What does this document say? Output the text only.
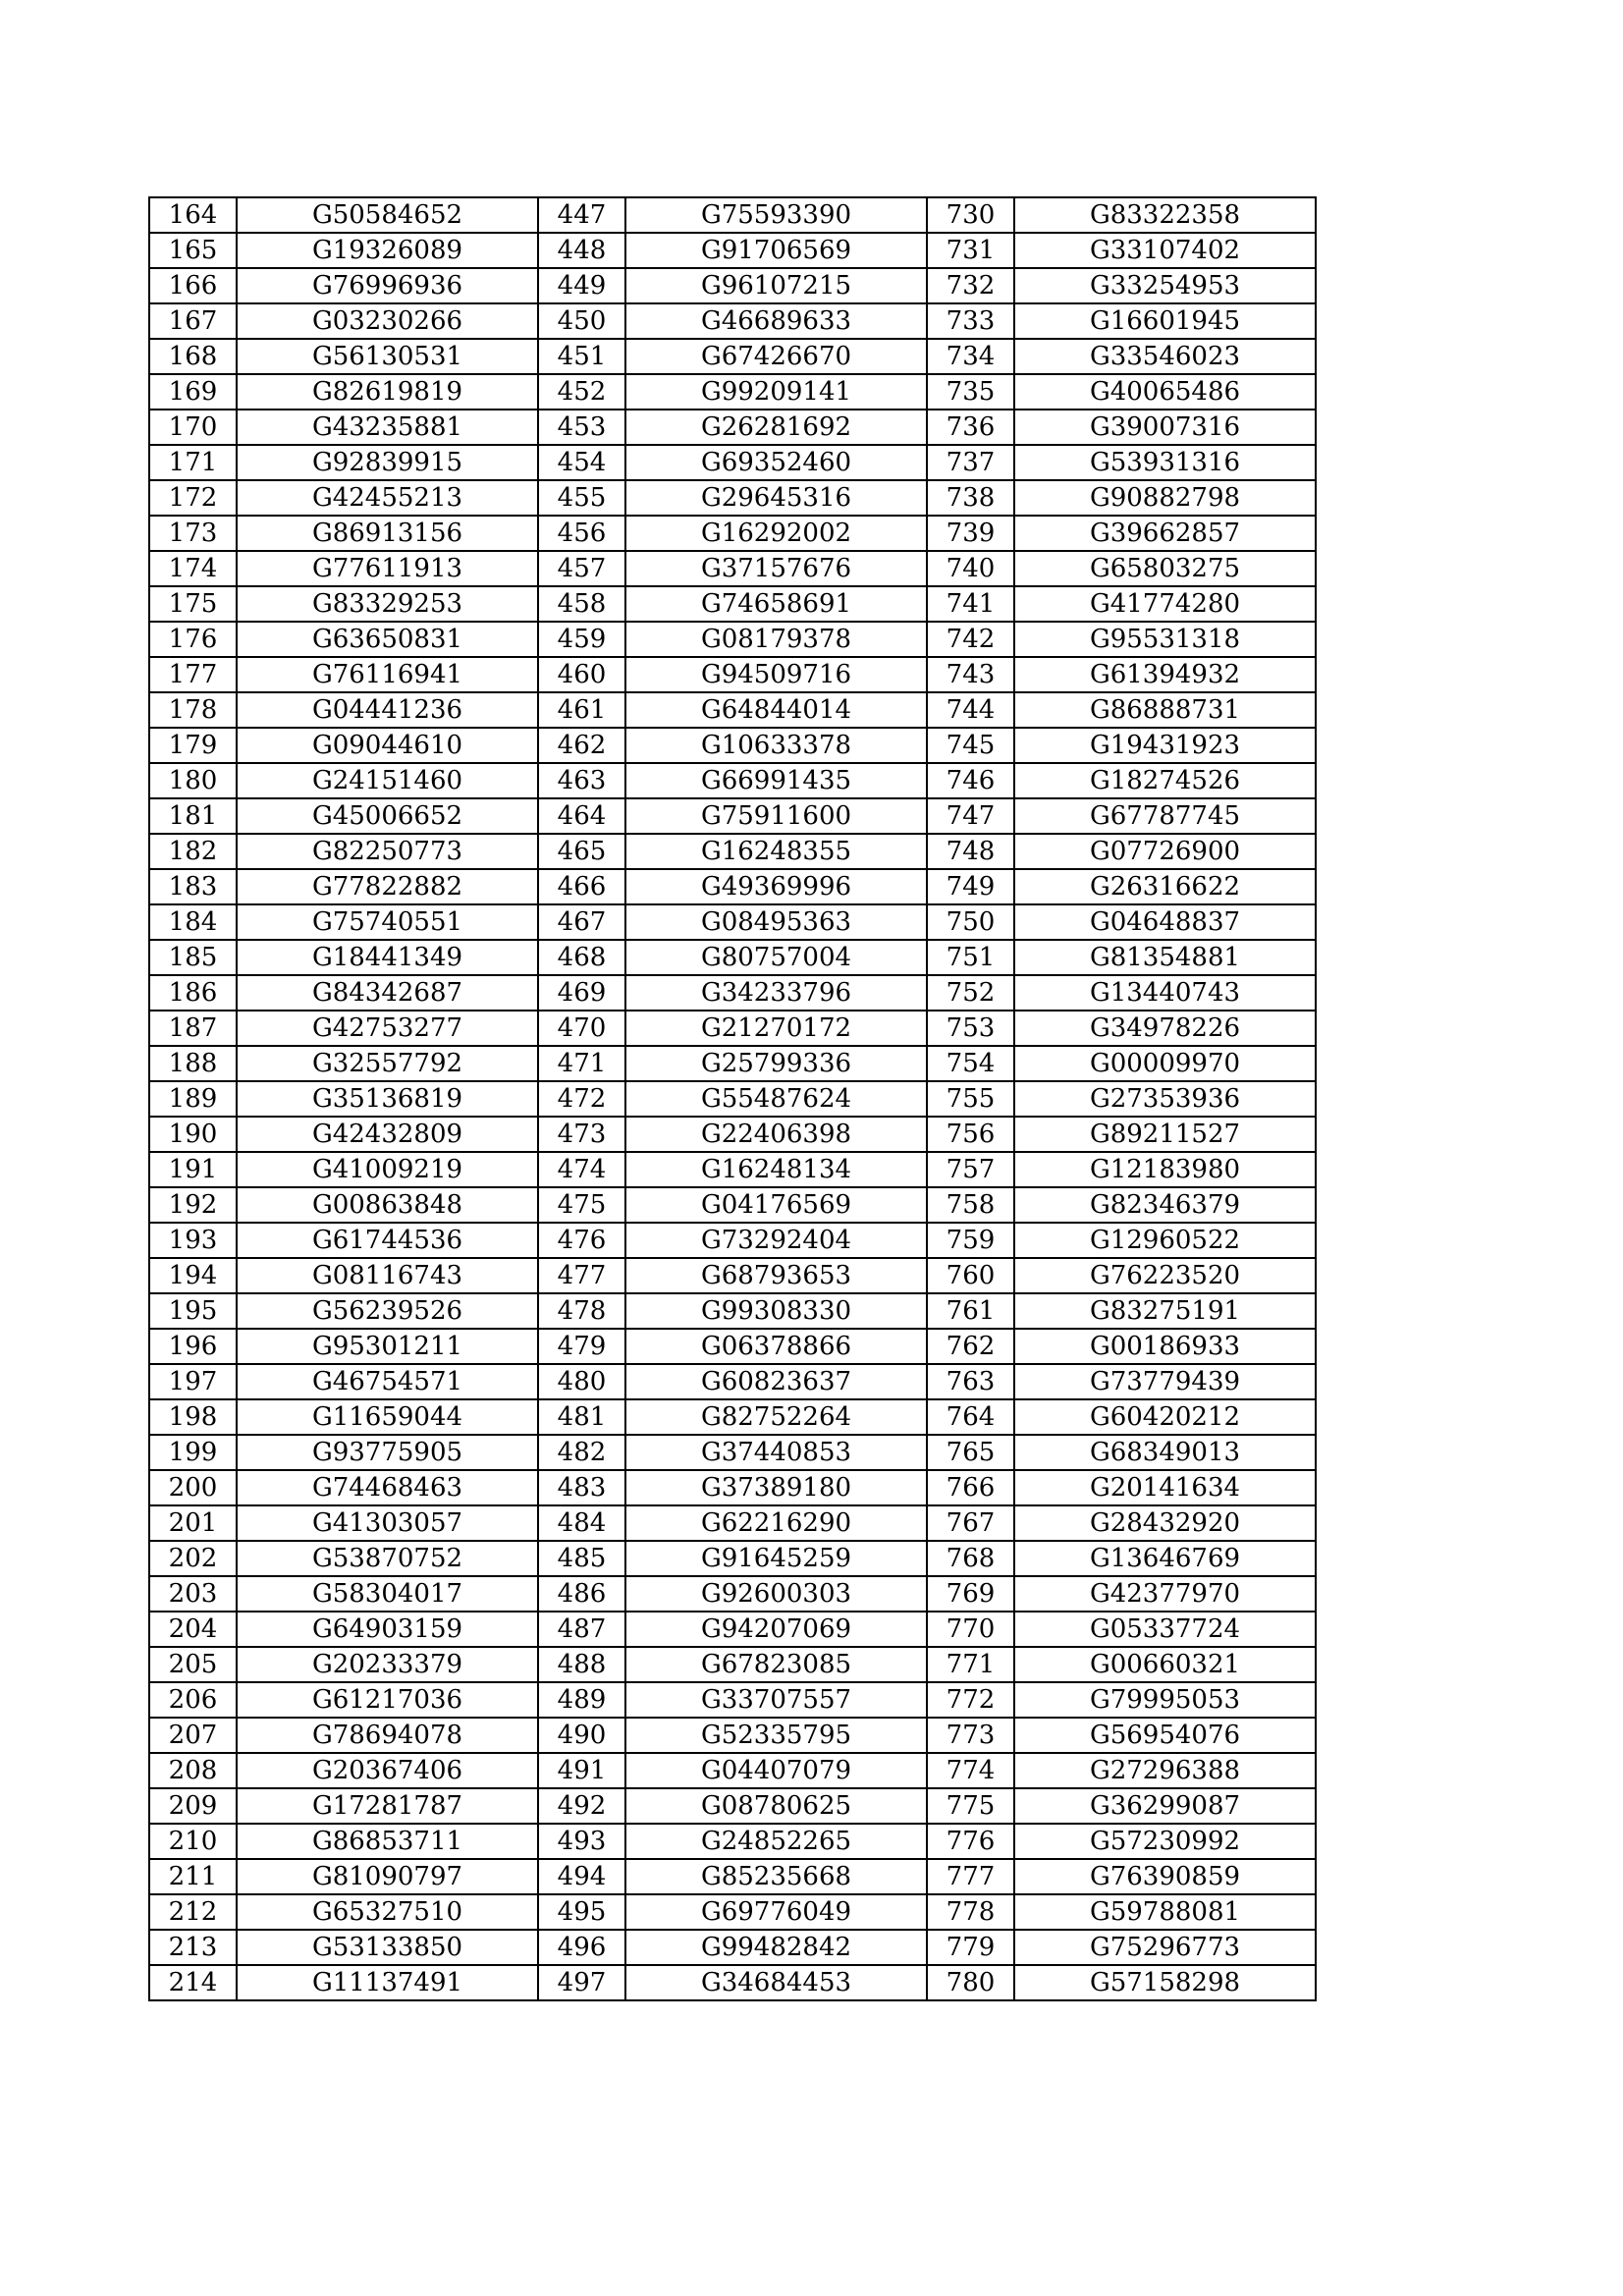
164	G50584652	447	G75593390	730	G83322358
165	G19326089	448	G91706569	731	G33107402
166	G76996936	449	G96107215	732	G33254953
167	G03230266	450	G46689633	733	G16601945
168	G56130531	451	G67426670	734	G33546023
169	G82619819	452	G99209141	735	G40065486
170	G43235881	453	G26281692	736	G39007316
171	G92839915	454	G69352460	737	G53931316
172	G42455213	455	G29645316	738	G90882798
173	G86913156	456	G16292002	739	G39662857
174	G77611913	457	G37157676	740	G65803275
175	G83329253	458	G74658691	741	G41774280
176	G63650831	459	G08179378	742	G95531318
177	G76116941	460	G94509716	743	G61394932
178	G04441236	461	G64844014	744	G86888731
179	G09044610	462	G10633378	745	G19431923
180	G24151460	463	G66991435	746	G18274526
181	G45006652	464	G75911600	747	G67787745
182	G82250773	465	G16248355	748	G07726900
183	G77822882	466	G49369996	749	G26316622
184	G75740551	467	G08495363	750	G04648837
185	G18441349	468	G80757004	751	G81354881
186	G84342687	469	G34233796	752	G13440743
187	G42753277	470	G21270172	753	G34978226
188	G32557792	471	G25799336	754	G00009970
189	G35136819	472	G55487624	755	G27353936
190	G42432809	473	G22406398	756	G89211527
191	G41009219	474	G16248134	757	G12183980
192	G00863848	475	G04176569	758	G82346379
193	G61744536	476	G73292404	759	G12960522
194	G08116743	477	G68793653	760	G76223520
195	G56239526	478	G99308330	761	G83275191
196	G95301211	479	G06378866	762	G00186933
197	G46754571	480	G60823637	763	G73779439
198	G11659044	481	G82752264	764	G60420212
199	G93775905	482	G37440853	765	G68349013
200	G74468463	483	G37389180	766	G20141634
201	G41303057	484	G62216290	767	G28432920
202	G53870752	485	G91645259	768	G13646769
203	G58304017	486	G92600303	769	G42377970
204	G64903159	487	G94207069	770	G05337724
205	G20233379	488	G67823085	771	G00660321
206	G61217036	489	G33707557	772	G79995053
207	G78694078	490	G52335795	773	G56954076
208	G20367406	491	G04407079	774	G27296388
209	G17281787	492	G08780625	775	G36299087
210	G86853711	493	G24852265	776	G57230992
211	G81090797	494	G85235668	777	G76390859
212	G65327510	495	G69776049	778	G59788081
213	G53133850	496	G99482842	779	G75296773
214	G11137491	497	G34684453	780	G57158298
